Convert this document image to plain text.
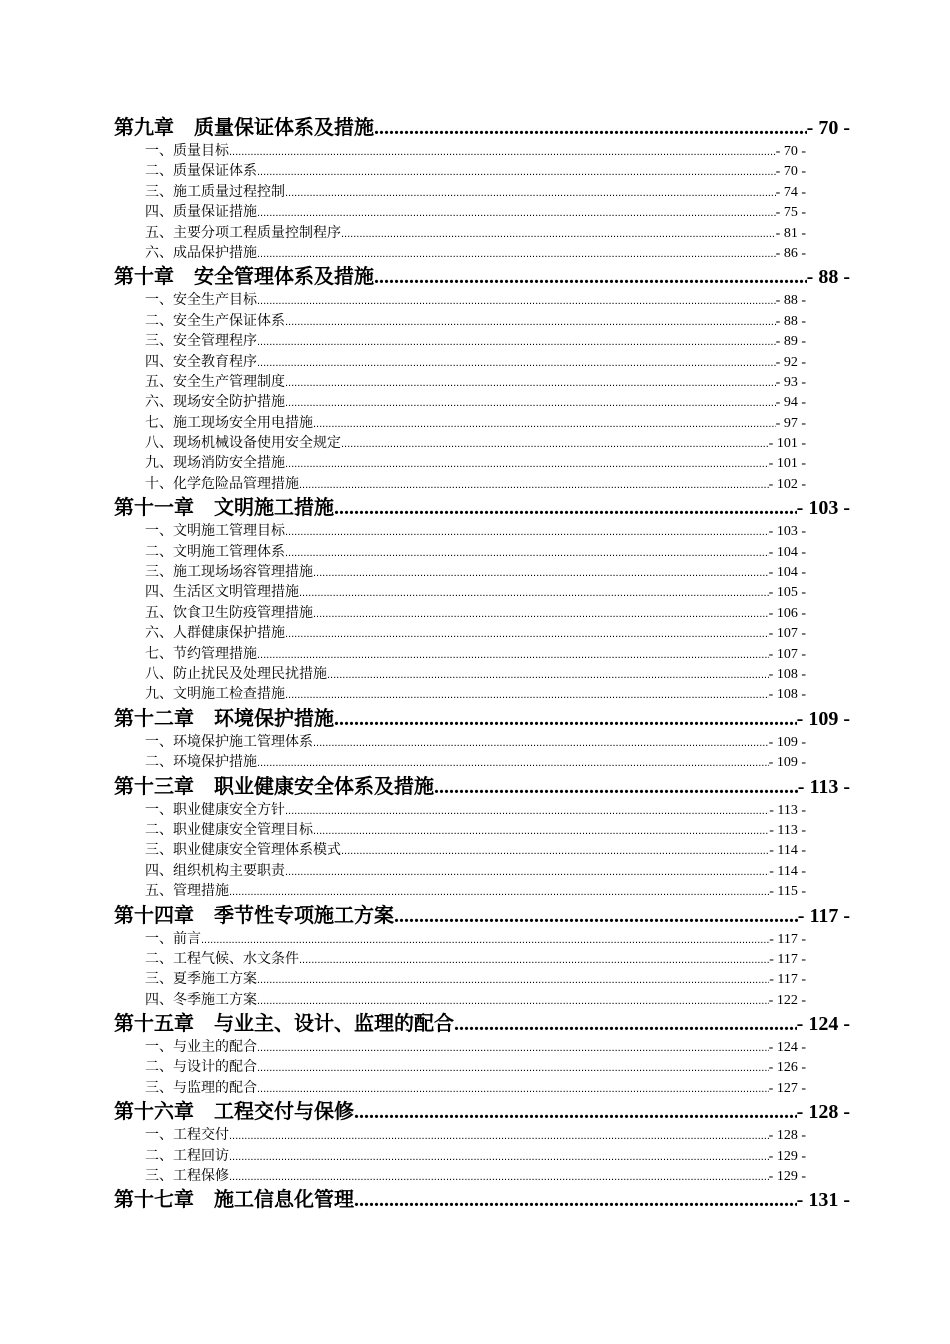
第九章　质量保证体系及措施 .....	- 70 -
一、质量目标 .....	- 70 -
二、质量保证体系 .....	- 70 -
三、施工质量过程控制 .....	- 74 -
四、质量保证措施 .....	- 75 -
五、主要分项工程质量控制程序 .....	- 81 -
六、成品保护措施 .....	- 86 -
第十章　安全管理体系及措施 .....	- 88 -
一、安全生产目标 .....	- 88 -
二、安全生产保证体系 .....	- 88 -
三、安全管理程序 .....	- 89 -
四、安全教育程序 .....	- 92 -
五、安全生产管理制度 .....	- 93 -
六、现场安全防护措施 .....	- 94 -
七、施工现场安全用电措施 .....	- 97 -
八、现场机械设备使用安全规定 .....	- 101 -
九、现场消防安全措施 .....	- 101 -
十、化学危险品管理措施 .....	- 102 -
第十一章　文明施工措施 .....	- 103 -
一、文明施工管理目标 .....	- 103 -
二、文明施工管理体系 .....	- 104 -
三、施工现场场容管理措施 .....	- 104 -
四、生活区文明管理措施 .....	- 105 -
五、饮食卫生防疫管理措施 .....	- 106 -
六、人群健康保护措施 .....	- 107 -
七、节约管理措施 .....	- 107 -
八、防止扰民及处理民扰措施 .....	- 108 -
九、文明施工检查措施 .....	- 108 -
第十二章　环境保护措施 .....	- 109 -
一、环境保护施工管理体系 .....	- 109 -
二、环境保护措施 .....	- 109 -
第十三章　职业健康安全体系及措施 .....	- 113 -
一、职业健康安全方针 .....	- 113 -
二、职业健康安全管理目标 .....	- 113 -
三、职业健康安全管理体系模式 .....	- 114 -
四、组织机构主要职责 .....	- 114 -
五、管理措施 .....	- 115 -
第十四章　季节性专项施工方案 .....	- 117 -
一、前言 .....	- 117 -
二、工程气候、水文条件 .....	- 117 -
三、夏季施工方案 .....	- 117 -
四、冬季施工方案 .....	- 122 -
第十五章　与业主、设计、监理的配合 .....	- 124 -
一、与业主的配合 .....	- 124 -
二、与设计的配合 .....	- 126 -
三、与监理的配合 .....	- 127 -
第十六章　工程交付与保修 .....	- 128 -
一、工程交付 .....	- 128 -
二、工程回访 .....	- 129 -
三、工程保修 .....	- 129 -
第十七章　施工信息化管理 .....	- 131 -
